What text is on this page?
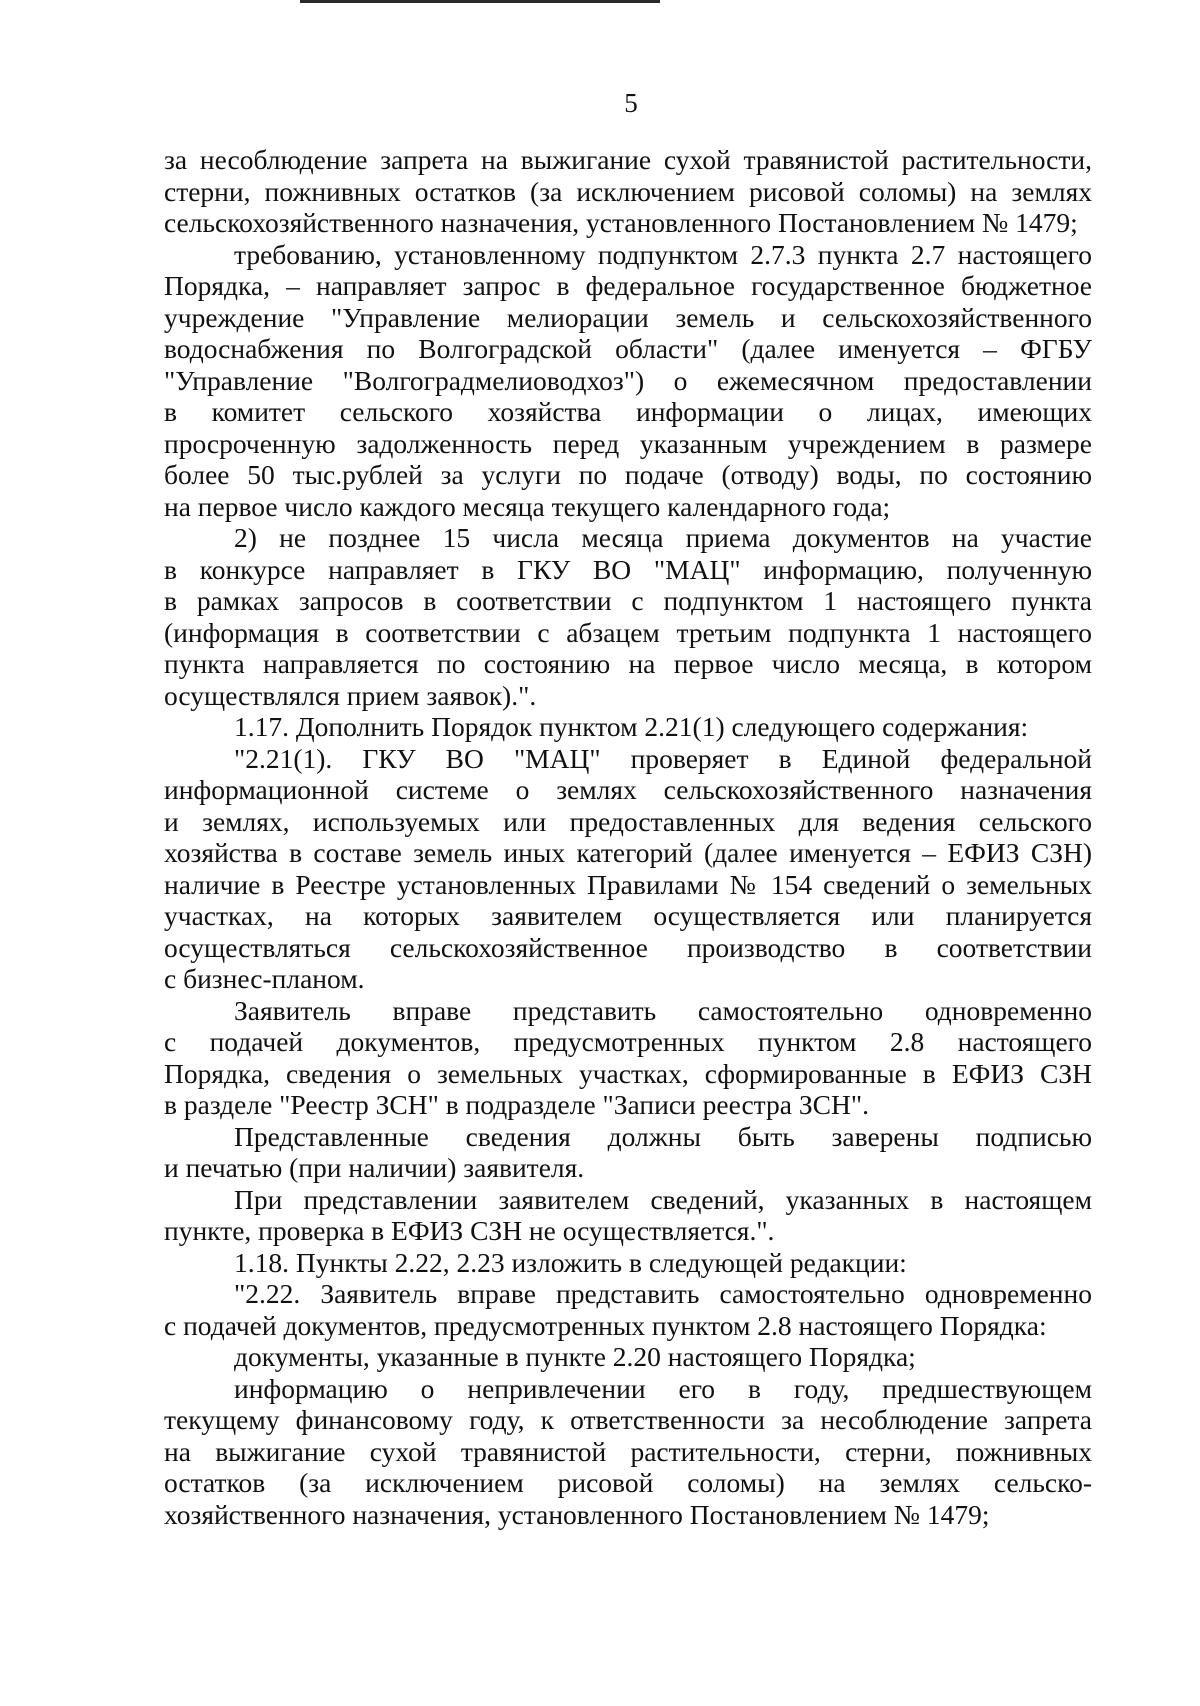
5

за несоблюдение запрета на выжигание сухой травянистой растительности,

стерни, пожнивных остатков (за исключением рисовой соломы) на землях

сельскохозяйственного назначения, установленного Постановлением № 1479;

требованию, установленному подпунктом 2.7.3 пункта 2.7 настоящего

Порядка, – направляет запрос в федеральное государственное бюджетное

учреждение "Управление мелиорации земель и сельскохозяйственного

водоснабжения по Волгоградской области" (далее именуется – ФГБУ

"Управление "Волгоградмелиоводхоз") о ежемесячном предоставлении

в комитет сельского хозяйства информации о лицах, имеющих

просроченную задолженность перед указанным учреждением в размере

более 50 тыс.рублей за услуги по подаче (отводу) воды, по состоянию

на первое число каждого месяца текущего календарного года;

2) не позднее 15 числа месяца приема документов на участие

в конкурсе направляет в ГКУ ВО "МАЦ" информацию, полученную

в рамках запросов в соответствии с подпунктом 1 настоящего пункта

(информация в соответствии с абзацем третьим подпункта 1 настоящего

пункта направляется по состоянию на первое число месяца, в котором

осуществлялся прием заявок).".

1.17. Дополнить Порядок пунктом 2.21(1) следующего содержания:

"2.21(1). ГКУ ВО "МАЦ" проверяет в Единой федеральной

информационной системе о землях сельскохозяйственного назначения

и землях, используемых или предоставленных для ведения сельского

хозяйства в составе земель иных категорий (далее именуется – ЕФИЗ СЗН)

наличие в Реестре установленных Правилами № 154 сведений о земельных

участках, на которых заявителем осуществляется или планируется

осуществляться сельскохозяйственное производство в соответствии

с бизнес-планом.

Заявитель вправе представить самостоятельно одновременно

с подачей документов, предусмотренных пунктом 2.8 настоящего

Порядка, сведения о земельных участках, сформированные в ЕФИЗ СЗН

в разделе "Реестр ЗСН" в подразделе "Записи реестра ЗСН".

Представленные сведения должны быть заверены подписью

и печатью (при наличии) заявителя.

При представлении заявителем сведений, указанных в настоящем

пункте, проверка в ЕФИЗ СЗН не осуществляется.".

1.18. Пункты 2.22, 2.23 изложить в следующей редакции:

"2.22. Заявитель вправе представить самостоятельно одновременно

с подачей документов, предусмотренных пунктом 2.8 настоящего Порядка:

документы, указанные в пункте 2.20 настоящего Порядка;

информацию о непривлечении его в году, предшествующем

текущему финансовому году, к ответственности за несоблюдение запрета

на выжигание сухой травянистой растительности, стерни, пожнивных

остатков (за исключением рисовой соломы) на землях сельско-

хозяйственного назначения, установленного Постановлением № 1479;
